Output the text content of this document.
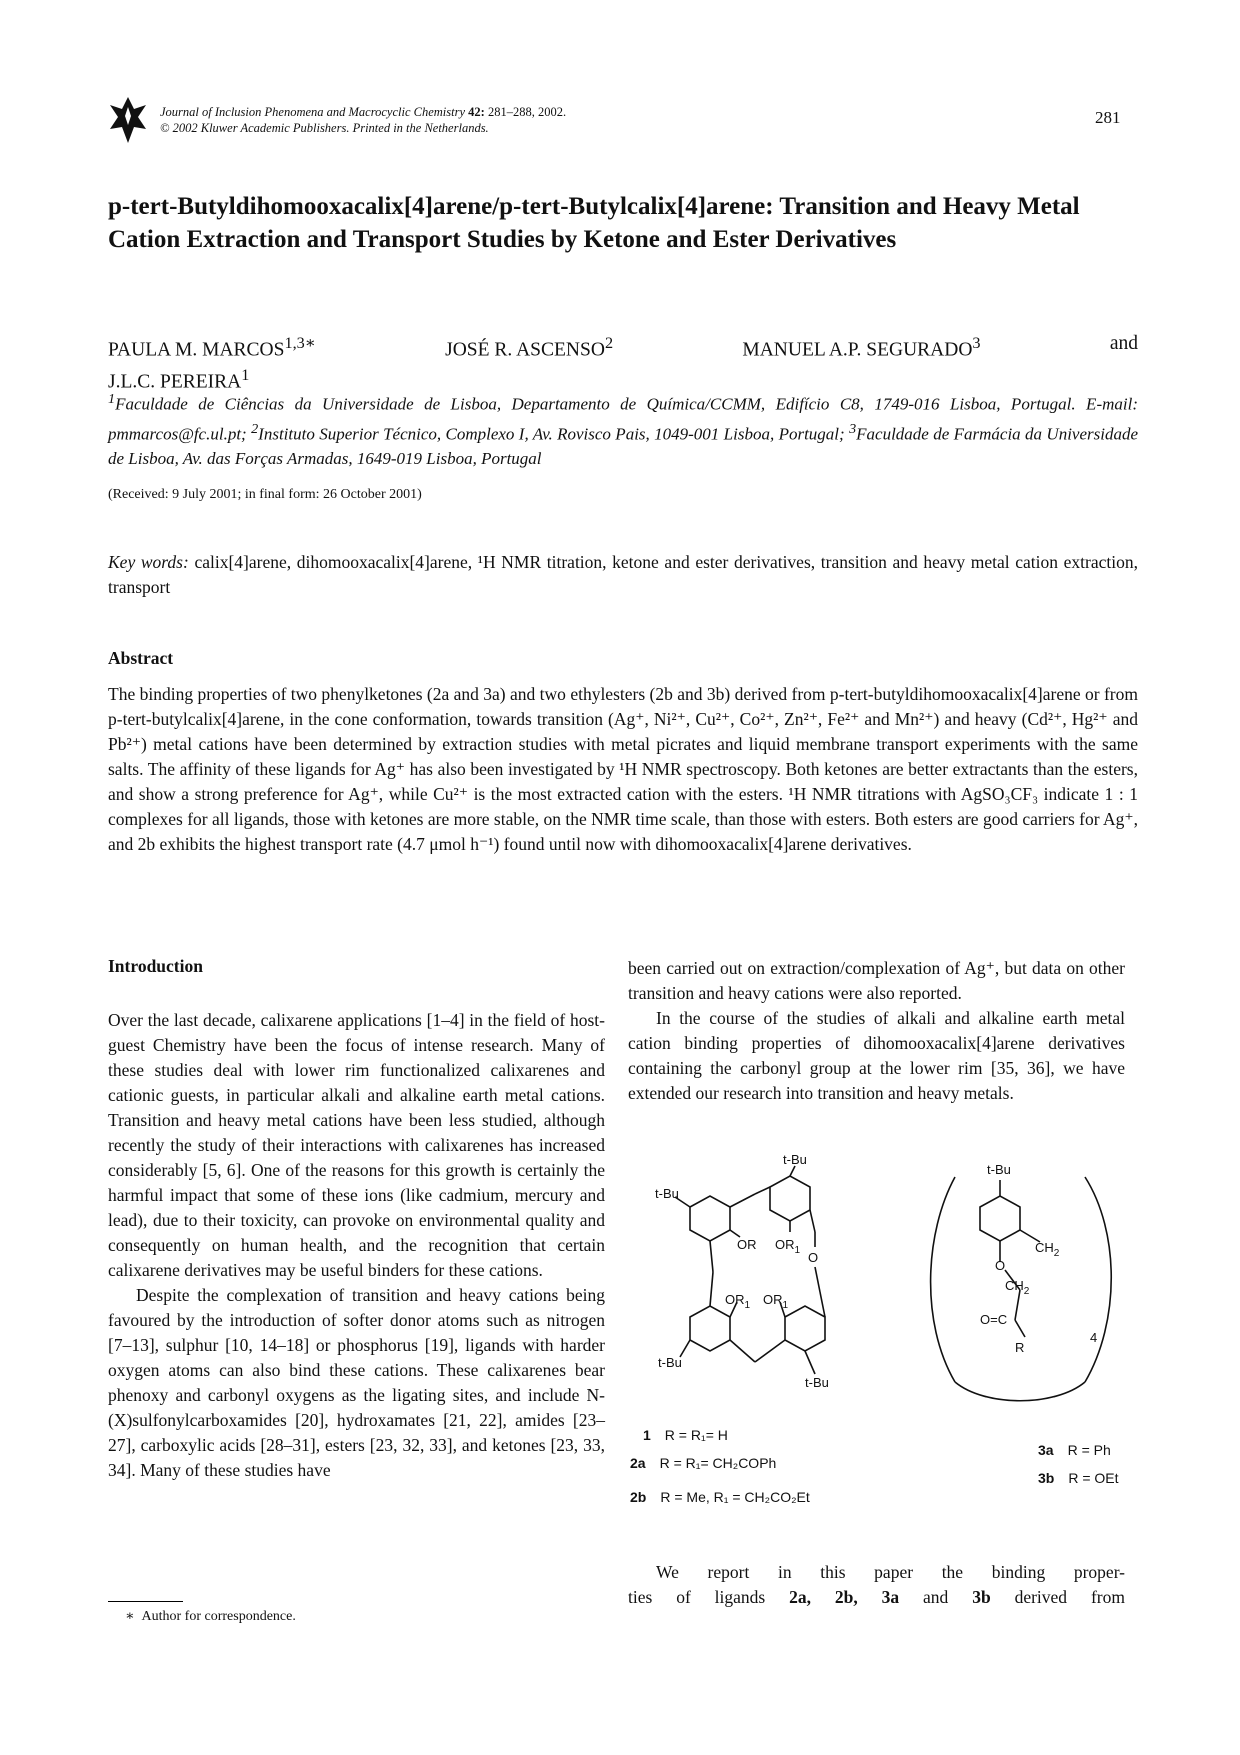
Journal of Inclusion Phenomena and Macrocyclic Chemistry 42: 281–288, 2002.
© 2002 Kluwer Academic Publishers. Printed in the Netherlands.
281
p-tert-Butyldihomooxacalix[4]arene/p-tert-Butylcalix[4]arene: Transition and Heavy Metal Cation Extraction and Transport Studies by Ketone and Ester Derivatives
PAULA M. $MARCOS^{1,3∗}$	JOSÉ R. ASCENSO$^2$	MANUEL A.P. SEGURADO$^3$	and
J.L.C. PEREIRA$^1$
$^1$Faculdade de Ciências da Universidade de Lisboa, Departamento de Química/CCMM, Edifício C8, 1749-016 Lisboa, Portugal. E-mail: pmmarcos@fc.ul.pt; $^2$Instituto Superior Técnico, Complexo I, Av. Rovisco Pais, 1049-001 Lisboa, Portugal; $^3$Faculdade de Farmácia da Universidade de Lisboa, Av. das Forças Armadas, 1649-019 Lisboa, Portugal
(Received: 9 July 2001; in final form: 26 October 2001)
Key words: calix[4]arene, dihomooxacalix[4]arene, ¹H NMR titration, ketone and ester derivatives, transition and heavy metal cation extraction, transport
Abstract
The binding properties of two phenylketones (2a and 3a) and two ethylesters (2b and 3b) derived from p-tert-butyldihomooxacalix[4]arene or from p-tert-butylcalix[4]arene, in the cone conformation, towards transition (Ag⁺, Ni²⁺, Cu²⁺, Co²⁺, Zn²⁺, Fe²⁺ and Mn²⁺) and heavy (Cd²⁺, Hg²⁺ and Pb²⁺) metal cations have been determined by extraction studies with metal picrates and liquid membrane transport experiments with the same salts. The affinity of these ligands for Ag⁺ has also been investigated by ¹H NMR spectroscopy. Both ketones are better extractants than the esters, and show a strong preference for Ag⁺, while Cu²⁺ is the most extracted cation with the esters. ¹H NMR titrations with AgSO₃CF₃ indicate 1 : 1 complexes for all ligands, those with ketones are more stable, on the NMR time scale, than those with esters. Both esters are good carriers for Ag⁺, and 2b exhibits the highest transport rate (4.7 μmol h⁻¹) found until now with dihomooxacalix[4]arene derivatives.
Introduction

Over the last decade, calixarene applications [1–4] in the field of host-guest Chemistry have been the focus of intense research. Many of these studies deal with lower rim functionalized calixarenes and cationic guests, in particular alkali and alkaline earth metal cations. Transition and heavy metal cations have been less studied, although recently the study of their interactions with calixarenes has increased considerably [5, 6]. One of the reasons for this growth is certainly the harmful impact that some of these ions (like cadmium, mercury and lead), due to their toxicity, can provoke on environmental quality and consequently on human health, and the recognition that certain calixarene derivatives may be useful binders for these cations.

Despite the complexation of transition and heavy cations being favoured by the introduction of softer donor atoms such as nitrogen [7–13], sulphur [10, 14–18] or phosphorus [19], ligands with harder oxygen atoms can also bind these cations. These calixarenes bear phenoxy and carbonyl oxygens as the ligating sites, and include N-(X)sulfonylcarboxamides [20], hydroxamates [21, 22], amides [23–27], carboxylic acids [28–31], esters [23, 32, 33], and ketones [23, 33, 34]. Many of these studies have

been carried out on extraction/complexation of Ag⁺, but data on other transition and heavy cations were also reported.

In the course of the studies of alkali and alkaline earth metal cation binding properties of dihomooxacalix[4]arene derivatives containing the carbonyl group at the lower rim [35, 36], we have extended our research into transition and heavy metals.

t-Bu
t-Bu
t-Bu
t-Bu
OR $OR_1$ O
$OR_1$ $OR_1$
t-Bu
$CH_2$
O
$CH_2$
O=C
R
4
1 R = R₁= H
2a R = R₁= CH₂COPh
2b R = Me, R₁ = CH₂CO₂Et
3a R = Ph
3b R = OEt
We report in this paper the binding proper-
ties of ligands 2a, 2b, 3a and 3b derived from
∗ Author for correspondence.
